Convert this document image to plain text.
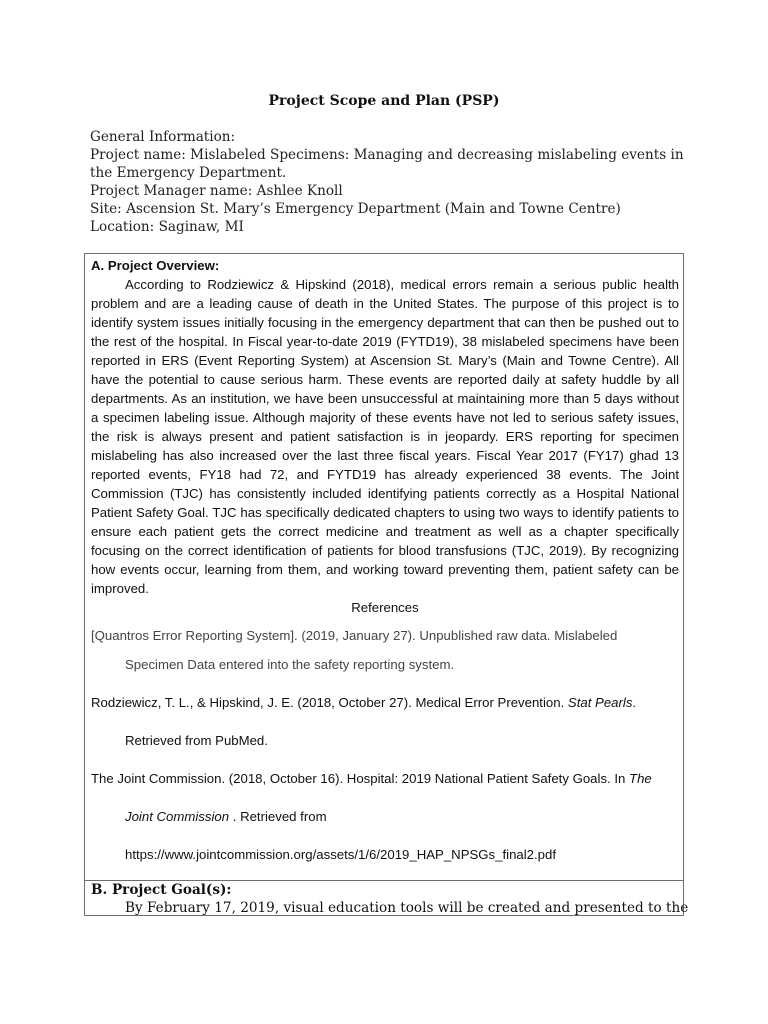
Project Scope and Plan (PSP)
General Information:
Project name: Mislabeled Specimens: Managing and decreasing mislabeling events in the Emergency Department.
Project Manager name: Ashlee Knoll
Site: Ascension St. Mary’s Emergency Department (Main and Towne Centre)
Location: Saginaw, MI
A. Project Overview:

According to Rodziewicz & Hipskind (2018), medical errors remain a serious public health problem and are a leading cause of death in the United States. The purpose of this project is to identify system issues initially focusing in the emergency department that can then be pushed out to the rest of the hospital. In Fiscal year-to-date 2019 (FYTD19), 38 mislabeled specimens have been reported in ERS (Event Reporting System) at Ascension St. Mary’s (Main and Towne Centre). All have the potential to cause serious harm. These events are reported daily at safety huddle by all departments. As an institution, we have been unsuccessful at maintaining more than 5 days without a specimen labeling issue. Although majority of these events have not led to serious safety issues, the risk is always present and patient satisfaction is in jeopardy. ERS reporting for specimen mislabeling has also increased over the last three fiscal years. Fiscal Year 2017 (FY17) ghad 13 reported events, FY18 had 72, and FYTD19 has already experienced 38 events. The Joint Commission (TJC) has consistently included identifying patients correctly as a Hospital National Patient Safety Goal. TJC has specifically dedicated chapters to using two ways to identify patients to ensure each patient gets the correct medicine and treatment as well as a chapter specifically focusing on the correct identification of patients for blood transfusions (TJC, 2019). By recognizing how events occur, learning from them, and working toward preventing them, patient safety can be improved.

References
[Quantros Error Reporting System]. (2019, January 27). Unpublished raw data. Mislabeled
Specimen Data entered into the safety reporting system.
Rodziewicz, T. L., & Hipskind, J. E. (2018, October 27). Medical Error Prevention. Stat Pearls.
Retrieved from PubMed.
The Joint Commission. (2018, October 16). Hospital: 2019 National Patient Safety Goals. In The
Joint Commission . Retrieved from
https://www.jointcommission.org/assets/1/6/2019_HAP_NPSGs_final2.pdf
B. Project Goal(s):
By February 17, 2019, visual education tools will be created and presented to the
